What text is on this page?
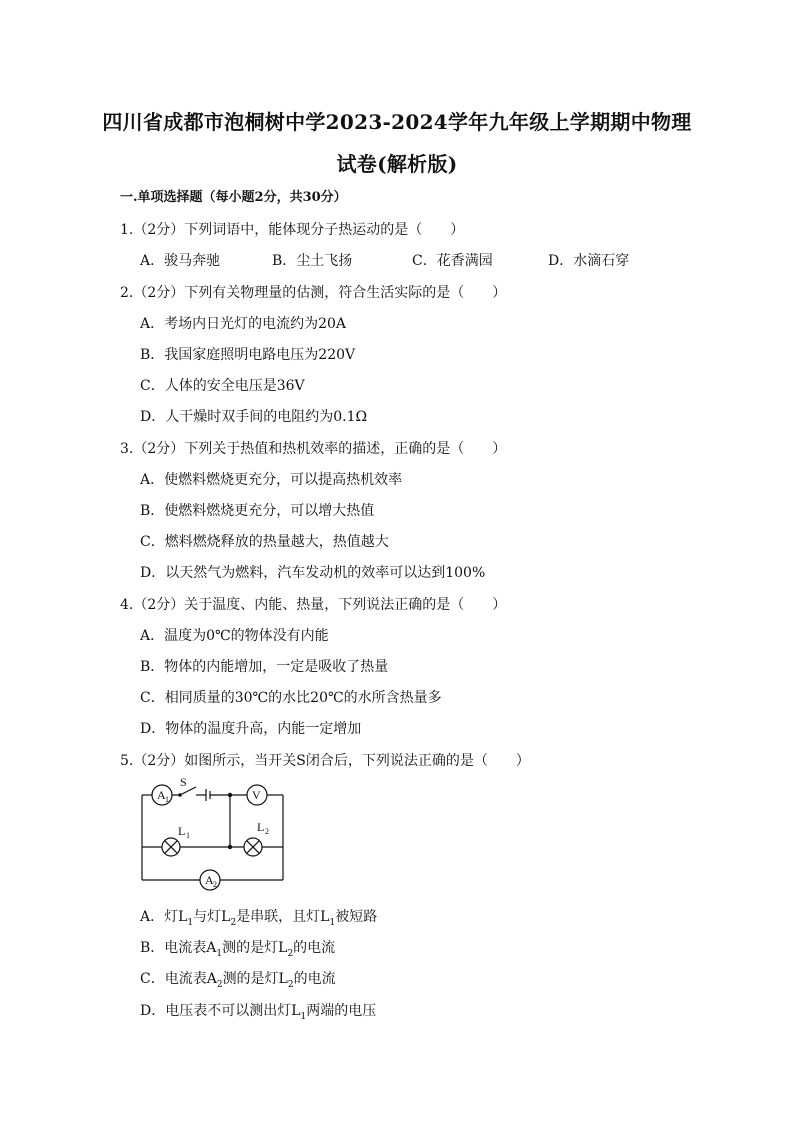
四川省成都市泡桐树中学2023-2024学年九年级上学期期中物理
试卷(解析版)
一.单项选择题（每小题2分，共30分）
1.（2分）下列词语中，能体现分子热运动的是（　　）
A．骏马奔驰	B．尘土飞扬	C．花香满园	D．水滴石穿
2.（2分）下列有关物理量的估测，符合生活实际的是（　　）
A．考场内日光灯的电流约为20A
B．我国家庭照明电路电压为220V
C．人体的安全电压是36V
D．人干燥时双手间的电阻约为0.1Ω
3.（2分）下列关于热值和热机效率的描述，正确的是（　　）
A．使燃料燃烧更充分，可以提高热机效率
B．使燃料燃烧更充分，可以增大热值
C．燃料燃烧释放的热量越大，热值越大
D．以天然气为燃料，汽车发动机的效率可以达到100%
4.（2分）关于温度、内能、热量，下列说法正确的是（　　）
A．温度为0℃的物体没有内能
B．物体的内能增加，一定是吸收了热量
C．相同质量的30℃的水比20℃的水所含热量多
D．物体的温度升高，内能一定增加
5.（2分）如图所示，当开关S闭合后，下列说法正确的是（　　）
S
A 1	V
L 1
L 2
A 2
A．灯$L_1$与灯$L_2$是串联，且灯$L_1$被短路
B．电流表$A_1$测的是灯$L_2$的电流
C．电流表$A_2$测的是灯$L_2$的电流
D．电压表不可以测出灯$L_1$两端的电压
